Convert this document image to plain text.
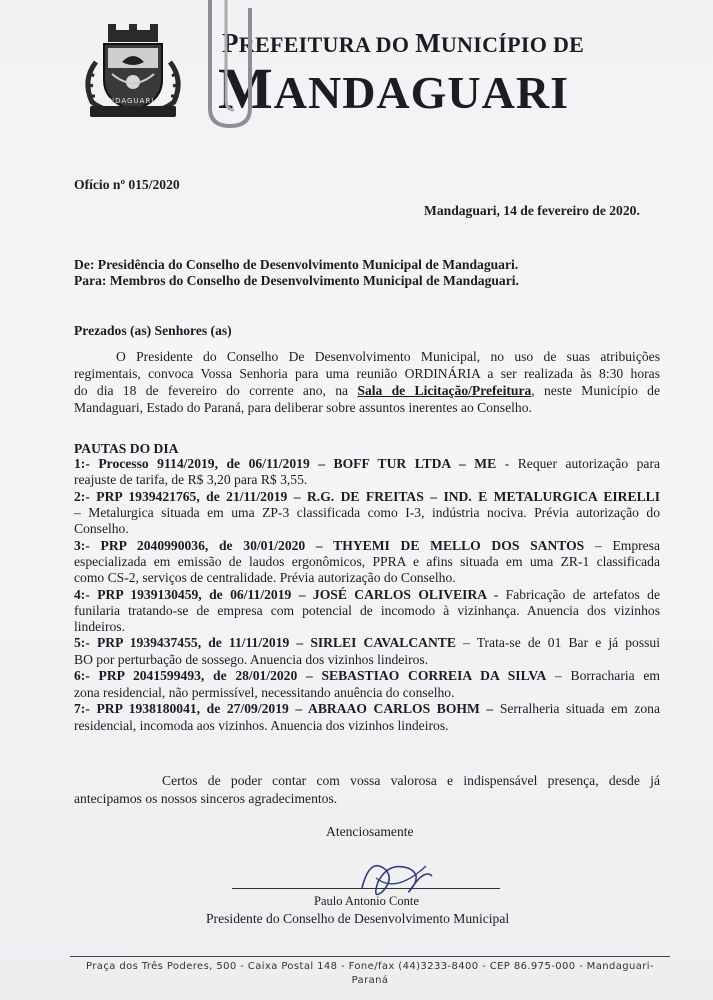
MANDAGUARI
PREFEITURA DO MUNICÍPIO DE
MANDAGUARI
Ofício nº 015/2020
Mandaguari, 14 de fevereiro de 2020.
De: Presidência do Conselho de Desenvolvimento Municipal de Mandaguari.
Para: Membros do Conselho de Desenvolvimento Municipal de Mandaguari.
Prezados (as) Senhores (as)
O Presidente do Conselho De Desenvolvimento Municipal, no uso de suas atribuições
regimentais, convoca Vossa Senhoria para uma reunião ORDINÁRIA a ser realizada às 8:30 horas
do dia 18 de fevereiro do corrente ano, na Sala de Licitação/Prefeitura, neste Município de
Mandaguari, Estado do Paraná, para deliberar sobre assuntos inerentes ao Conselho.
PAUTAS DO DIA
1:- Processo 9114/2019, de 06/11/2019 – BOFF TUR LTDA – ME - Requer autorização para
reajuste de tarifa, de R$ 3,20 para R$ 3,55.
2:- PRP 1939421765, de 21/11/2019 – R.G. DE FREITAS – IND. E METALURGICA EIRELLI
– Metalurgica situada em uma ZP-3 classificada como I-3, indústria nociva. Prévia autorização do
Conselho.
3:- PRP 2040990036, de 30/01/2020 – THYEMI DE MELLO DOS SANTOS – Empresa
especializada em emissão de laudos ergonômicos, PPRA e afins situada em uma ZR-1 classificada
como CS-2, serviços de centralidade. Prévia autorização do Conselho.
4:- PRP 1939130459, de 06/11/2019 – JOSÉ CARLOS OLIVEIRA - Fabricação de artefatos de
funilaria tratando-se de empresa com potencial de incomodo à vizinhança. Anuencia dos vizinhos
lindeiros.
5:- PRP 1939437455, de 11/11/2019 – SIRLEI CAVALCANTE – Trata-se de 01 Bar e já possui
BO por perturbação de sossego. Anuencia dos vizinhos lindeiros.
6:- PRP 2041599493, de 28/01/2020 – SEBASTIAO CORREIA DA SILVA – Borracharia em
zona residencial, não permissível, necessitando anuência do conselho.
7:- PRP 1938180041, de 27/09/2019 – ABRAAO CARLOS BOHM – Serralheria situada em zona
residencial, incomoda aos vizinhos. Anuencia dos vizinhos lindeiros.
Certos de poder contar com vossa valorosa e indispensável presença, desde já
antecipamos os nossos sinceros agradecimentos.
Atenciosamente
Paulo Antonio Conte
Presidente do Conselho de Desenvolvimento Municipal
Praça dos Três Poderes, 500 - Caixa Postal 148 - Fone/fax (44)3233-8400 - CEP 86.975-000 - Mandaguari-
Paraná
